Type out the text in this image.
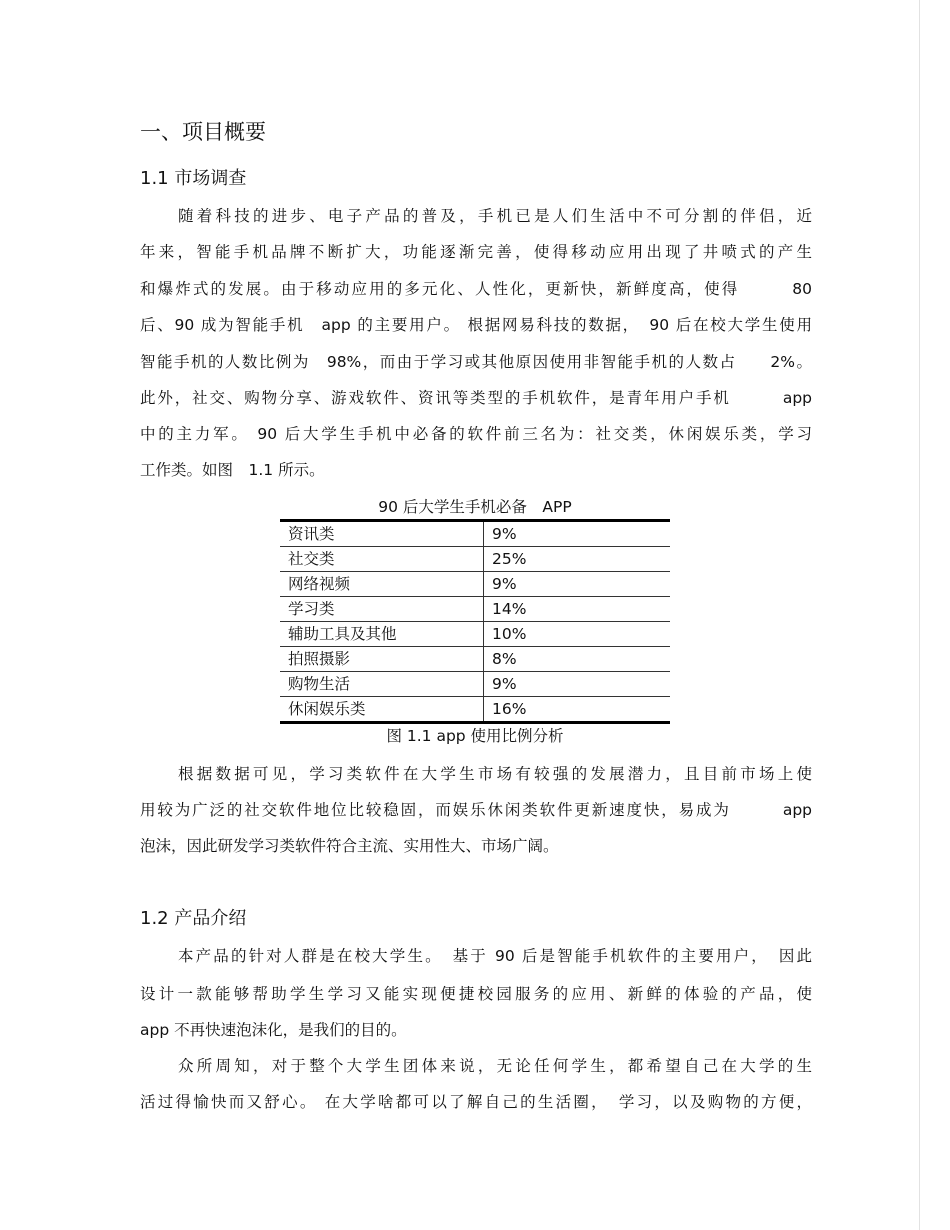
一、项目概要
1.1 市场调查
随着科技的进步、电子产品的普及，手机已是人们生活中不可分割的伴侣，近
年来，智能手机品牌不断扩大，功能逐渐完善，使得移动应用出现了井喷式的产生
和爆炸式的发展。由于移动应用的多元化、人性化，更新快，新鲜度高，使得　　　80
后、90 成为智能手机　app 的主要用户。 根据网易科技的数据，　90 后在校大学生使用
智能手机的人数比例为　98%，而由于学习或其他原因使用非智能手机的人数占　　2%。
此外，社交、购物分享、游戏软件、资讯等类型的手机软件，是青年用户手机　　　app
中的主力军。 90 后大学生手机中必备的软件前三名为：社交类，休闲娱乐类，学习
工作类。如图　1.1 所示。
90 后大学生手机必备　APP
资讯类	9%
社交类	25%
网络视频	9%
学习类	14%
辅助工具及其他	10%
拍照摄影	8%
购物生活	9%
休闲娱乐类	16%
图 1.1 app 使用比例分析
根据数据可见，学习类软件在大学生市场有较强的发展潜力，且目前市场上使
用较为广泛的社交软件地位比较稳固，而娱乐休闲类软件更新速度快，易成为　　　app
泡沫，因此研发学习类软件符合主流、实用性大、市场广阔。
1.2 产品介绍
本产品的针对人群是在校大学生。　基于 90 后是智能手机软件的主要用户，　因此
设计一款能够帮助学生学习又能实现便捷校园服务的应用、新鲜的体验的产品，使
app 不再快速泡沫化，是我们的目的。
众所周知，对于整个大学生团体来说，无论任何学生，都希望自己在大学的生
活过得愉快而又舒心。 在大学啥都可以了解自己的生活圈，　学习，以及购物的方便，
